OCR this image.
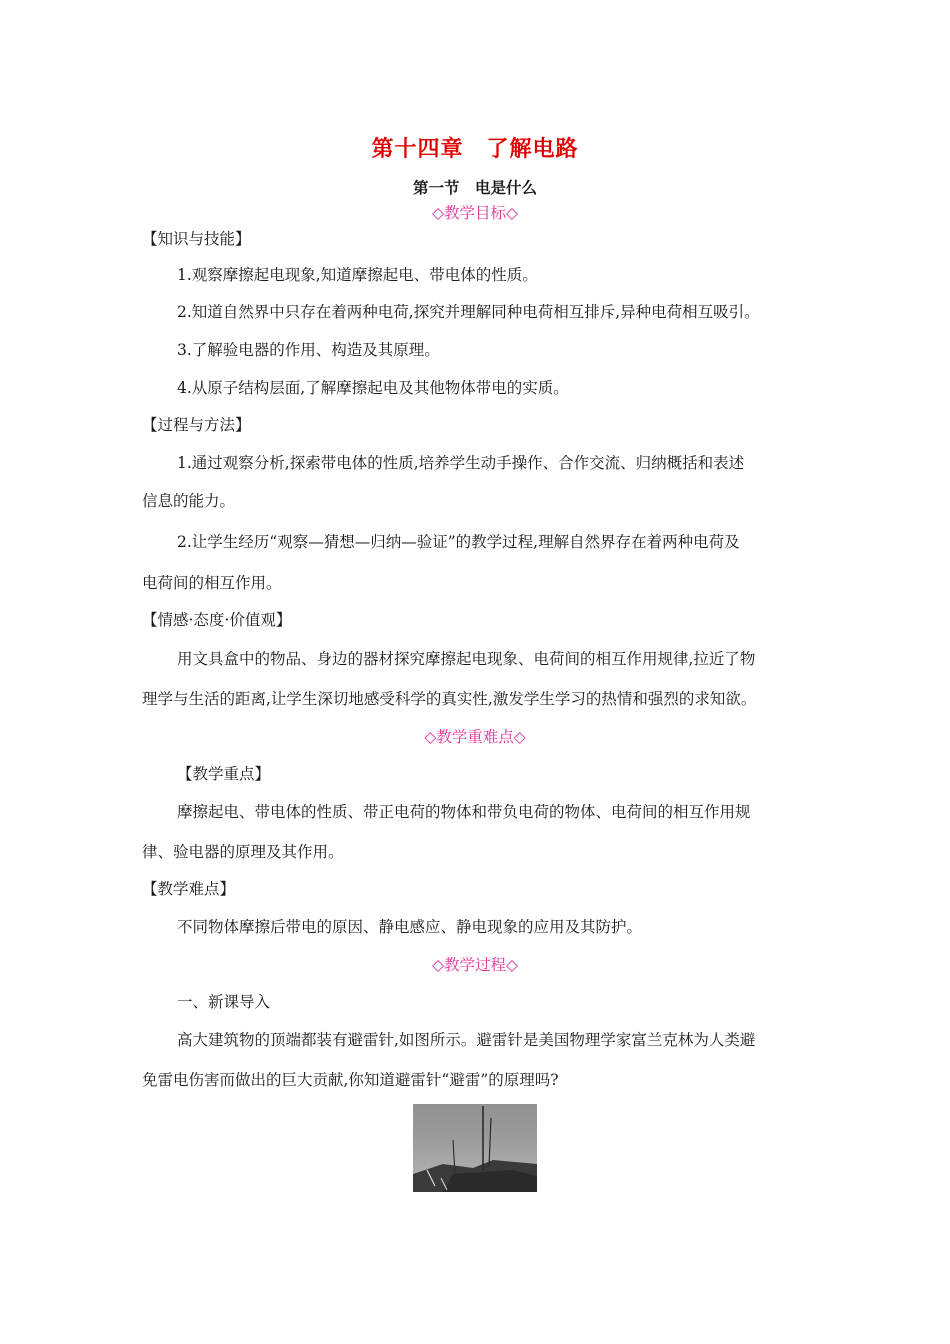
第十四章　了解电路
第一节　电是什么
◇教学目标◇
【知识与技能】
1.观察摩擦起电现象,知道摩擦起电、带电体的性质。
2.知道自然界中只存在着两种电荷,探究并理解同种电荷相互排斥,异种电荷相互吸引。
3.了解验电器的作用、构造及其原理。
4.从原子结构层面,了解摩擦起电及其他物体带电的实质。
【过程与方法】
1.通过观察分析,探索带电体的性质,培养学生动手操作、合作交流、归纳概括和表述
信息的能力。
2.让学生经历“观察—猜想—归纳—验证”的教学过程,理解自然界存在着两种电荷及
电荷间的相互作用。
【情感·态度·价值观】
用文具盒中的物品、身边的器材探究摩擦起电现象、电荷间的相互作用规律,拉近了物
理学与生活的距离,让学生深切地感受科学的真实性,激发学生学习的热情和强烈的求知欲。
◇教学重难点◇
【教学重点】
摩擦起电、带电体的性质、带正电荷的物体和带负电荷的物体、电荷间的相互作用规
律、验电器的原理及其作用。
【教学难点】
不同物体摩擦后带电的原因、静电感应、静电现象的应用及其防护。
◇教学过程◇
一、新课导入
高大建筑物的顶端都装有避雷针,如图所示。避雷针是美国物理学家富兰克林为人类避
免雷电伤害而做出的巨大贡献,你知道避雷针“避雷”的原理吗?
